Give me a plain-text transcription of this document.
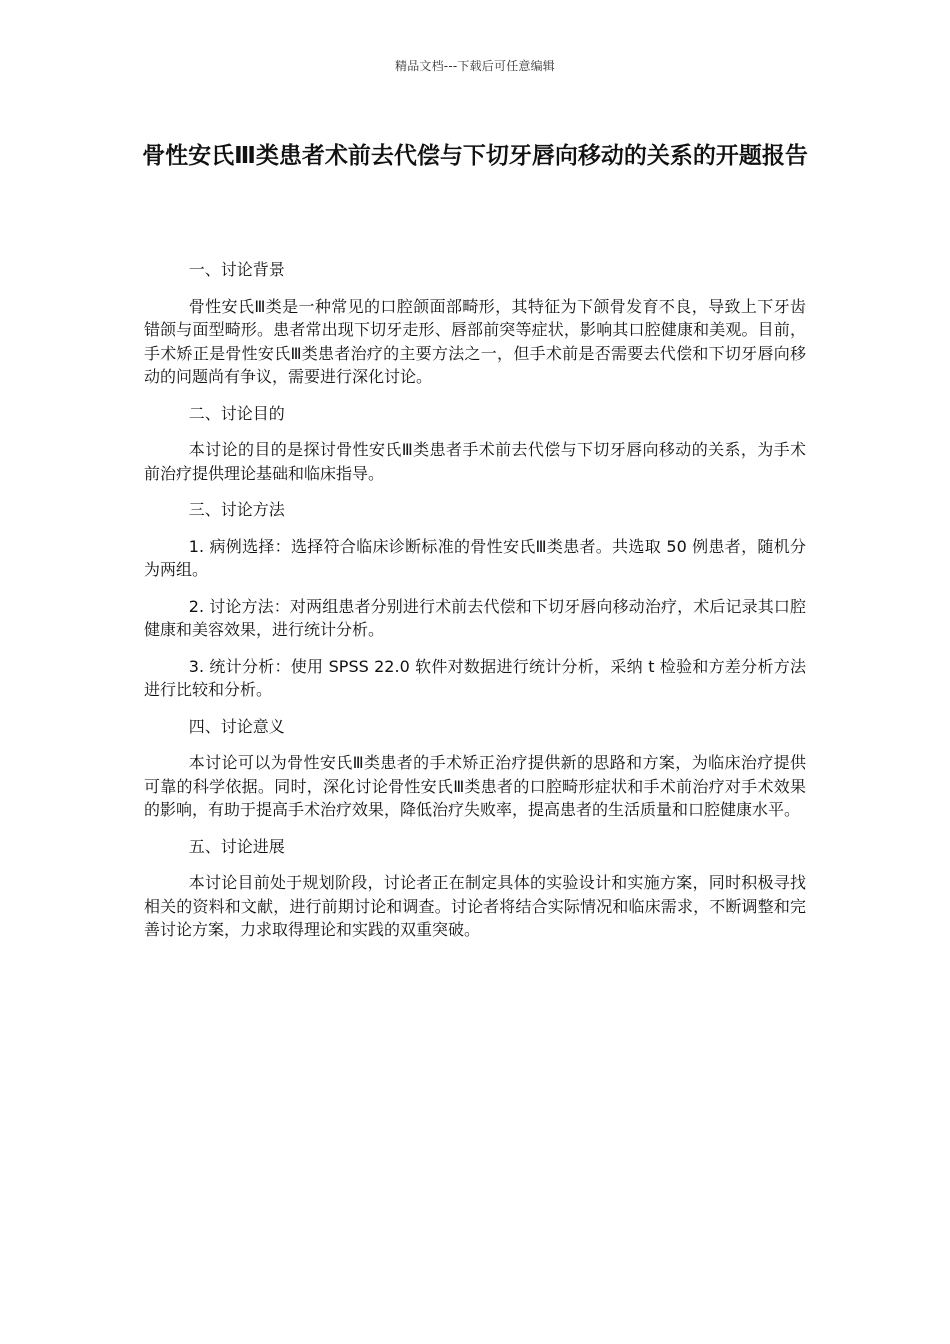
精品文档---下载后可任意编辑
骨性安氏Ⅲ类患者术前去代偿与下切牙唇向移动的关系的开题报告

一、讨论背景

骨性安氏Ⅲ类是一种常见的口腔颌面部畸形，其特征为下颌骨发育不良，导致上下牙齿错颌与面型畸形。患者常出现下切牙走形、唇部前突等症状，影响其口腔健康和美观。目前，手术矫正是骨性安氏Ⅲ类患者治疗的主要方法之一，但手术前是否需要去代偿和下切牙唇向移动的问题尚有争议，需要进行深化讨论。

二、讨论目的

本讨论的目的是探讨骨性安氏Ⅲ类患者手术前去代偿与下切牙唇向移动的关系，为手术前治疗提供理论基础和临床指导。

三、讨论方法

1. 病例选择：选择符合临床诊断标准的骨性安氏Ⅲ类患者。共选取 50 例患者，随机分为两组。

2. 讨论方法：对两组患者分别进行术前去代偿和下切牙唇向移动治疗，术后记录其口腔健康和美容效果，进行统计分析。

3. 统计分析：使用 SPSS 22.0 软件对数据进行统计分析，采纳 t 检验和方差分析方法进行比较和分析。

四、讨论意义

本讨论可以为骨性安氏Ⅲ类患者的手术矫正治疗提供新的思路和方案，为临床治疗提供可靠的科学依据。同时，深化讨论骨性安氏Ⅲ类患者的口腔畸形症状和手术前治疗对手术效果的影响，有助于提高手术治疗效果，降低治疗失败率，提高患者的生活质量和口腔健康水平。

五、讨论进展

本讨论目前处于规划阶段，讨论者正在制定具体的实验设计和实施方案，同时积极寻找相关的资料和文献，进行前期讨论和调查。讨论者将结合实际情况和临床需求，不断调整和完善讨论方案，力求取得理论和实践的双重突破。
